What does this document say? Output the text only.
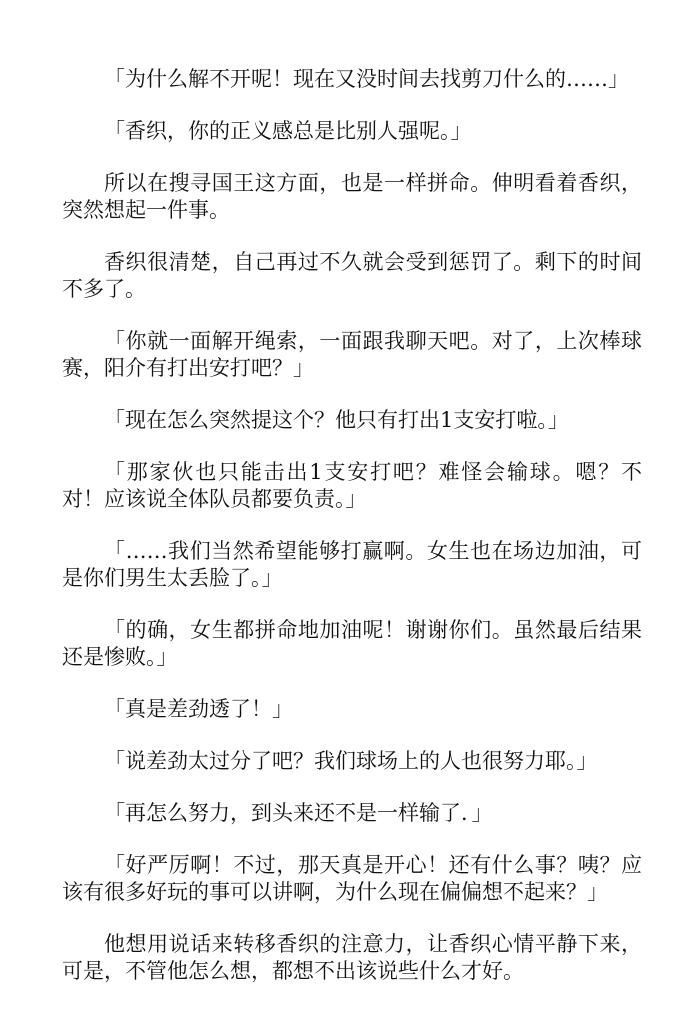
「为什么解不开呢！现在又没时间去找剪刀什么的……」

「香织，你的正义感总是比别人强呢。」

所以在搜寻国王这方面，也是一样拼命。伸明看着香织，突然想起一件事。

香织很清楚，自己再过不久就会受到惩罚了。剩下的时间不多了。

「你就一面解开绳索，一面跟我聊天吧。对了，上次棒球赛，阳介有打出安打吧？」

「现在怎么突然提这个？他只有打出1支安打啦。」

「那家伙也只能击出1支安打吧？难怪会输球。嗯？不对！应该说全体队员都要负责。」

「……我们当然希望能够打赢啊。女生也在场边加油，可是你们男生太丢脸了。」

「的确，女生都拼命地加油呢！谢谢你们。虽然最后结果还是惨败。」

「真是差劲透了！」

「说差劲太过分了吧？我们球场上的人也很努力耶。」

「再怎么努力，到头来还不是一样输了．」

「好严厉啊！不过，那天真是开心！还有什么事？咦？应该有很多好玩的事可以讲啊，为什么现在偏偏想不起来？」

他想用说话来转移香织的注意力，让香织心情平静下来，可是，不管他怎么想，都想不出该说些什么才好。
